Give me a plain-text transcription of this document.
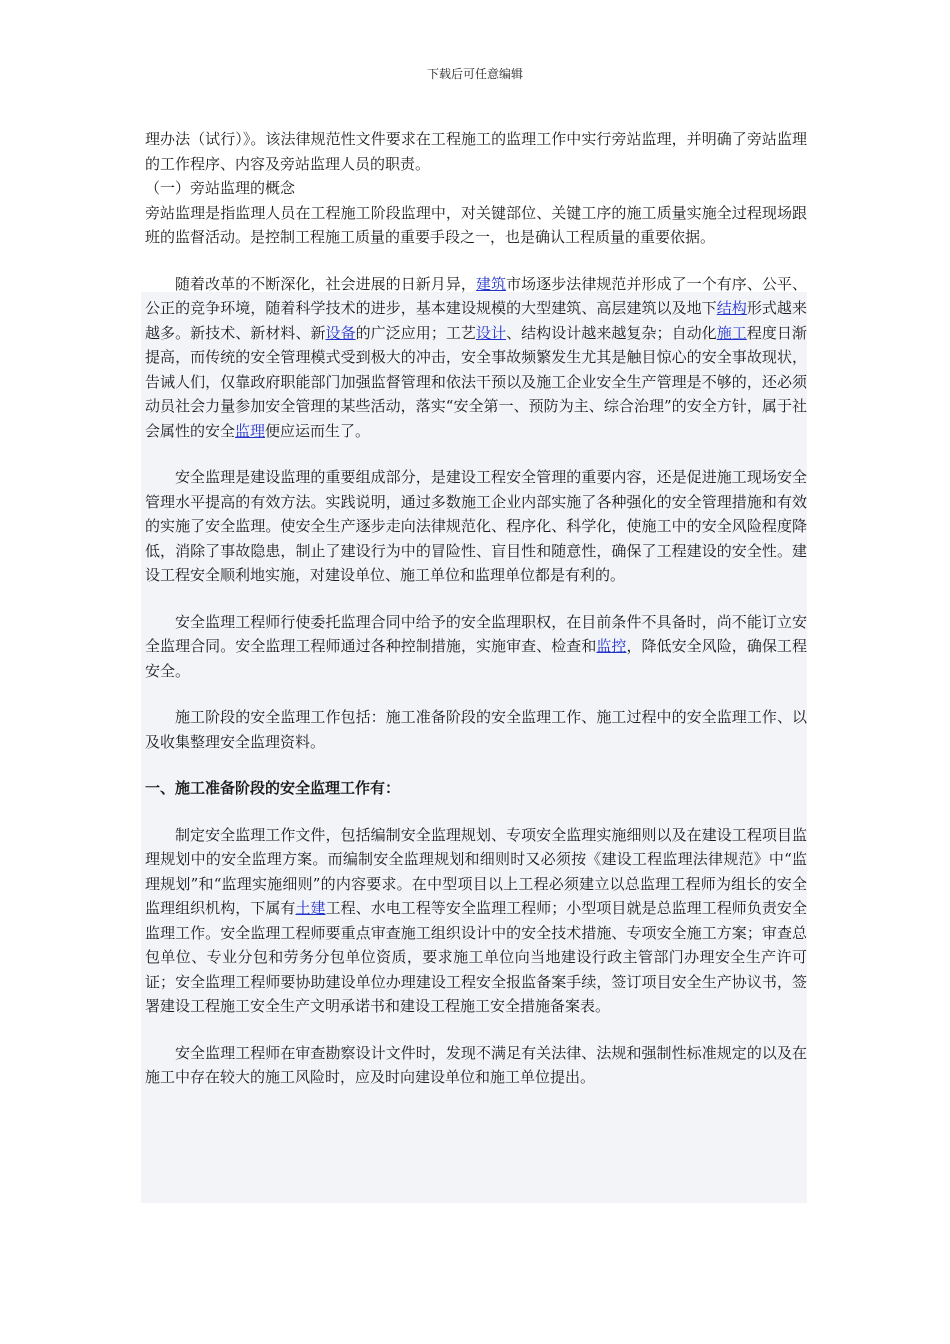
下载后可任意编辑

理办法（试行）》。该法律规范性文件要求在工程施工的监理工作中实行旁站监理，并明确了旁站监理的工作程序、内容及旁站监理人员的职责。

（一）旁站监理的概念

旁站监理是指监理人员在工程施工阶段监理中，对关键部位、关键工序的施工质量实施全过程现场跟班的监督活动。是控制工程施工质量的重要手段之一，也是确认工程质量的重要依据。

随着改革的不断深化，社会进展的日新月异，建筑市场逐步法律规范并形成了一个有序、公平、公正的竞争环境，随着科学技术的进步，基本建设规模的大型建筑、高层建筑以及地下结构形式越来越多。新技术、新材料、新设备的广泛应用；工艺设计、结构设计越来越复杂；自动化施工程度日渐提高，而传统的安全管理模式受到极大的冲击，安全事故频繁发生尤其是触目惊心的安全事故现状，告诫人们，仅靠政府职能部门加强监督管理和依法干预以及施工企业安全生产管理是不够的，还必须动员社会力量参加安全管理的某些活动，落实“安全第一、预防为主、综合治理”的安全方针，属于社会属性的安全监理便应运而生了。

安全监理是建设监理的重要组成部分，是建设工程安全管理的重要内容，还是促进施工现场安全管理水平提高的有效方法。实践说明，通过多数施工企业内部实施了各种强化的安全管理措施和有效的实施了安全监理。使安全生产逐步走向法律规范化、程序化、科学化，使施工中的安全风险程度降低，消除了事故隐患，制止了建设行为中的冒险性、盲目性和随意性，确保了工程建设的安全性。建设工程安全顺利地实施，对建设单位、施工单位和监理单位都是有利的。

安全监理工程师行使委托监理合同中给予的安全监理职权，在目前条件不具备时，尚不能订立安全监理合同。安全监理工程师通过各种控制措施，实施审查、检查和监控，降低安全风险，确保工程安全。

施工阶段的安全监理工作包括：施工准备阶段的安全监理工作、施工过程中的安全监理工作、以及收集整理安全监理资料。

一、施工准备阶段的安全监理工作有：

制定安全监理工作文件，包括编制安全监理规划、专项安全监理实施细则以及在建设工程项目监理规划中的安全监理方案。而编制安全监理规划和细则时又必须按《建设工程监理法律规范》中“监理规划”和“监理实施细则”的内容要求。在中型项目以上工程必须建立以总监理工程师为组长的安全监理组织机构，下属有土建工程、水电工程等安全监理工程师；小型项目就是总监理工程师负责安全监理工作。安全监理工程师要重点审查施工组织设计中的安全技术措施、专项安全施工方案；审查总包单位、专业分包和劳务分包单位资质，要求施工单位向当地建设行政主管部门办理安全生产许可证；安全监理工程师要协助建设单位办理建设工程安全报监备案手续，签订项目安全生产协议书，签署建设工程施工安全生产文明承诺书和建设工程施工安全措施备案表。

安全监理工程师在审查勘察设计文件时，发现不满足有关法律、法规和强制性标准规定的以及在施工中存在较大的施工风险时，应及时向建设单位和施工单位提出。
